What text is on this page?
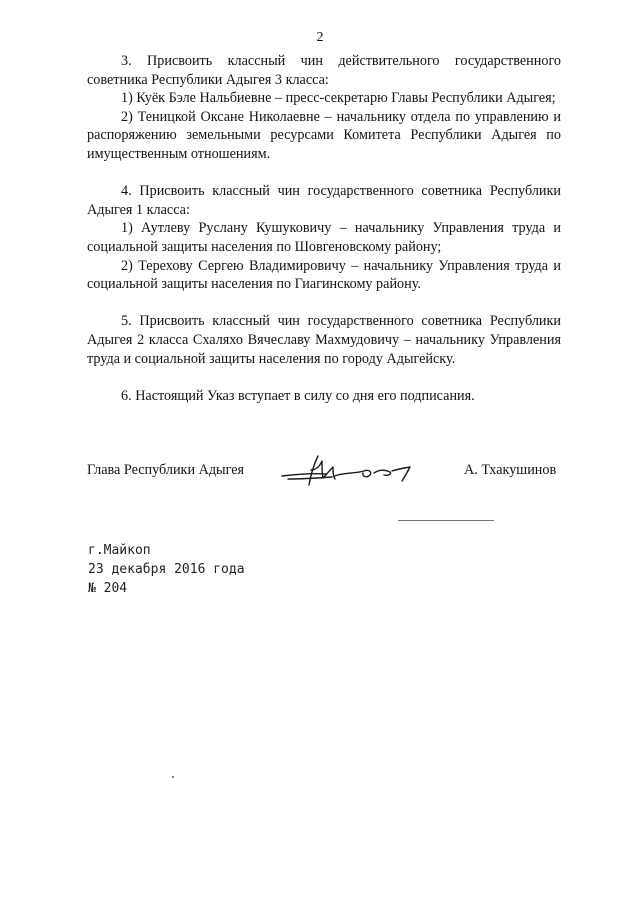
2

3. Присвоить классный чин действительного государственного советника Республики Адыгея 3 класса:

1) Куёк Бэле Нальбиевне – пресс-секретарю Главы Республики Адыгея;

2) Теницкой Оксане Николаевне – начальнику отдела по управлению и распоряжению земельными ресурсами Комитета Республики Адыгея по имущественным отношениям.

4. Присвоить классный чин государственного советника Республики Адыгея 1 класса:

1) Аутлеву Руслану Кушуковичу – начальнику Управления труда и социальной защиты населения по Шовгеновскому району;

2) Терехову Сергею Владимировичу – начальнику Управления труда и социальной защиты населения по Гиагинскому району.

5. Присвоить классный чин государственного советника Республики Адыгея 2 класса Схаляхо Вячеславу Махмудовичу – начальнику Управления труда и социальной защиты населения по городу Адыгейску.

6. Настоящий Указ вступает в силу со дня его подписания.

Глава Республики Адыгея	А. Тхакушинов
г.Майкоп
23 декабря 2016 года
№ 204
